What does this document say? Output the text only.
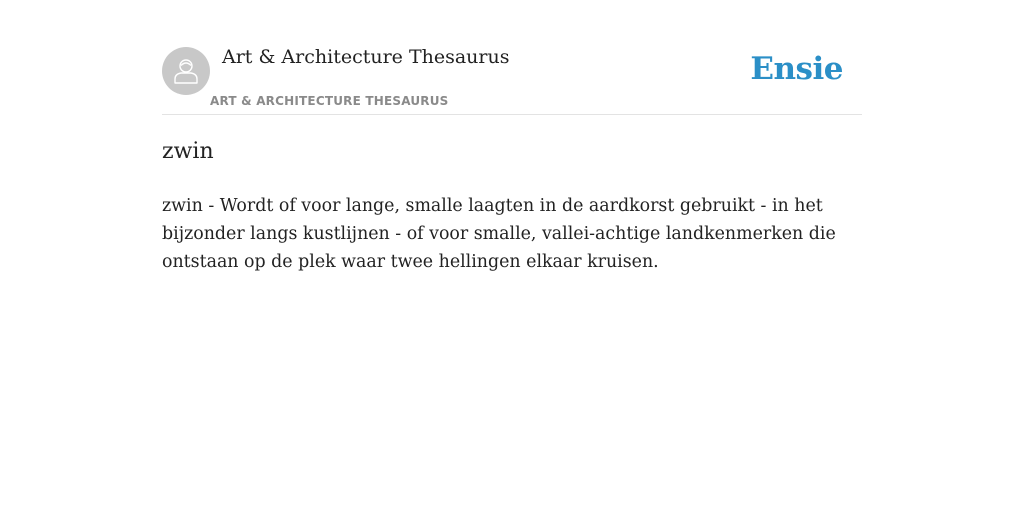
Art & Architecture Thesaurus
ART & ARCHITECTURE THESAURUS
Ensie
zwin

zwin - Wordt of voor lange, smalle laagten in de aardkorst gebruikt - in het bijzonder langs kustlijnen - of voor smalle, vallei-achtige landkenmerken die ontstaan op de plek waar twee hellingen elkaar kruisen.
